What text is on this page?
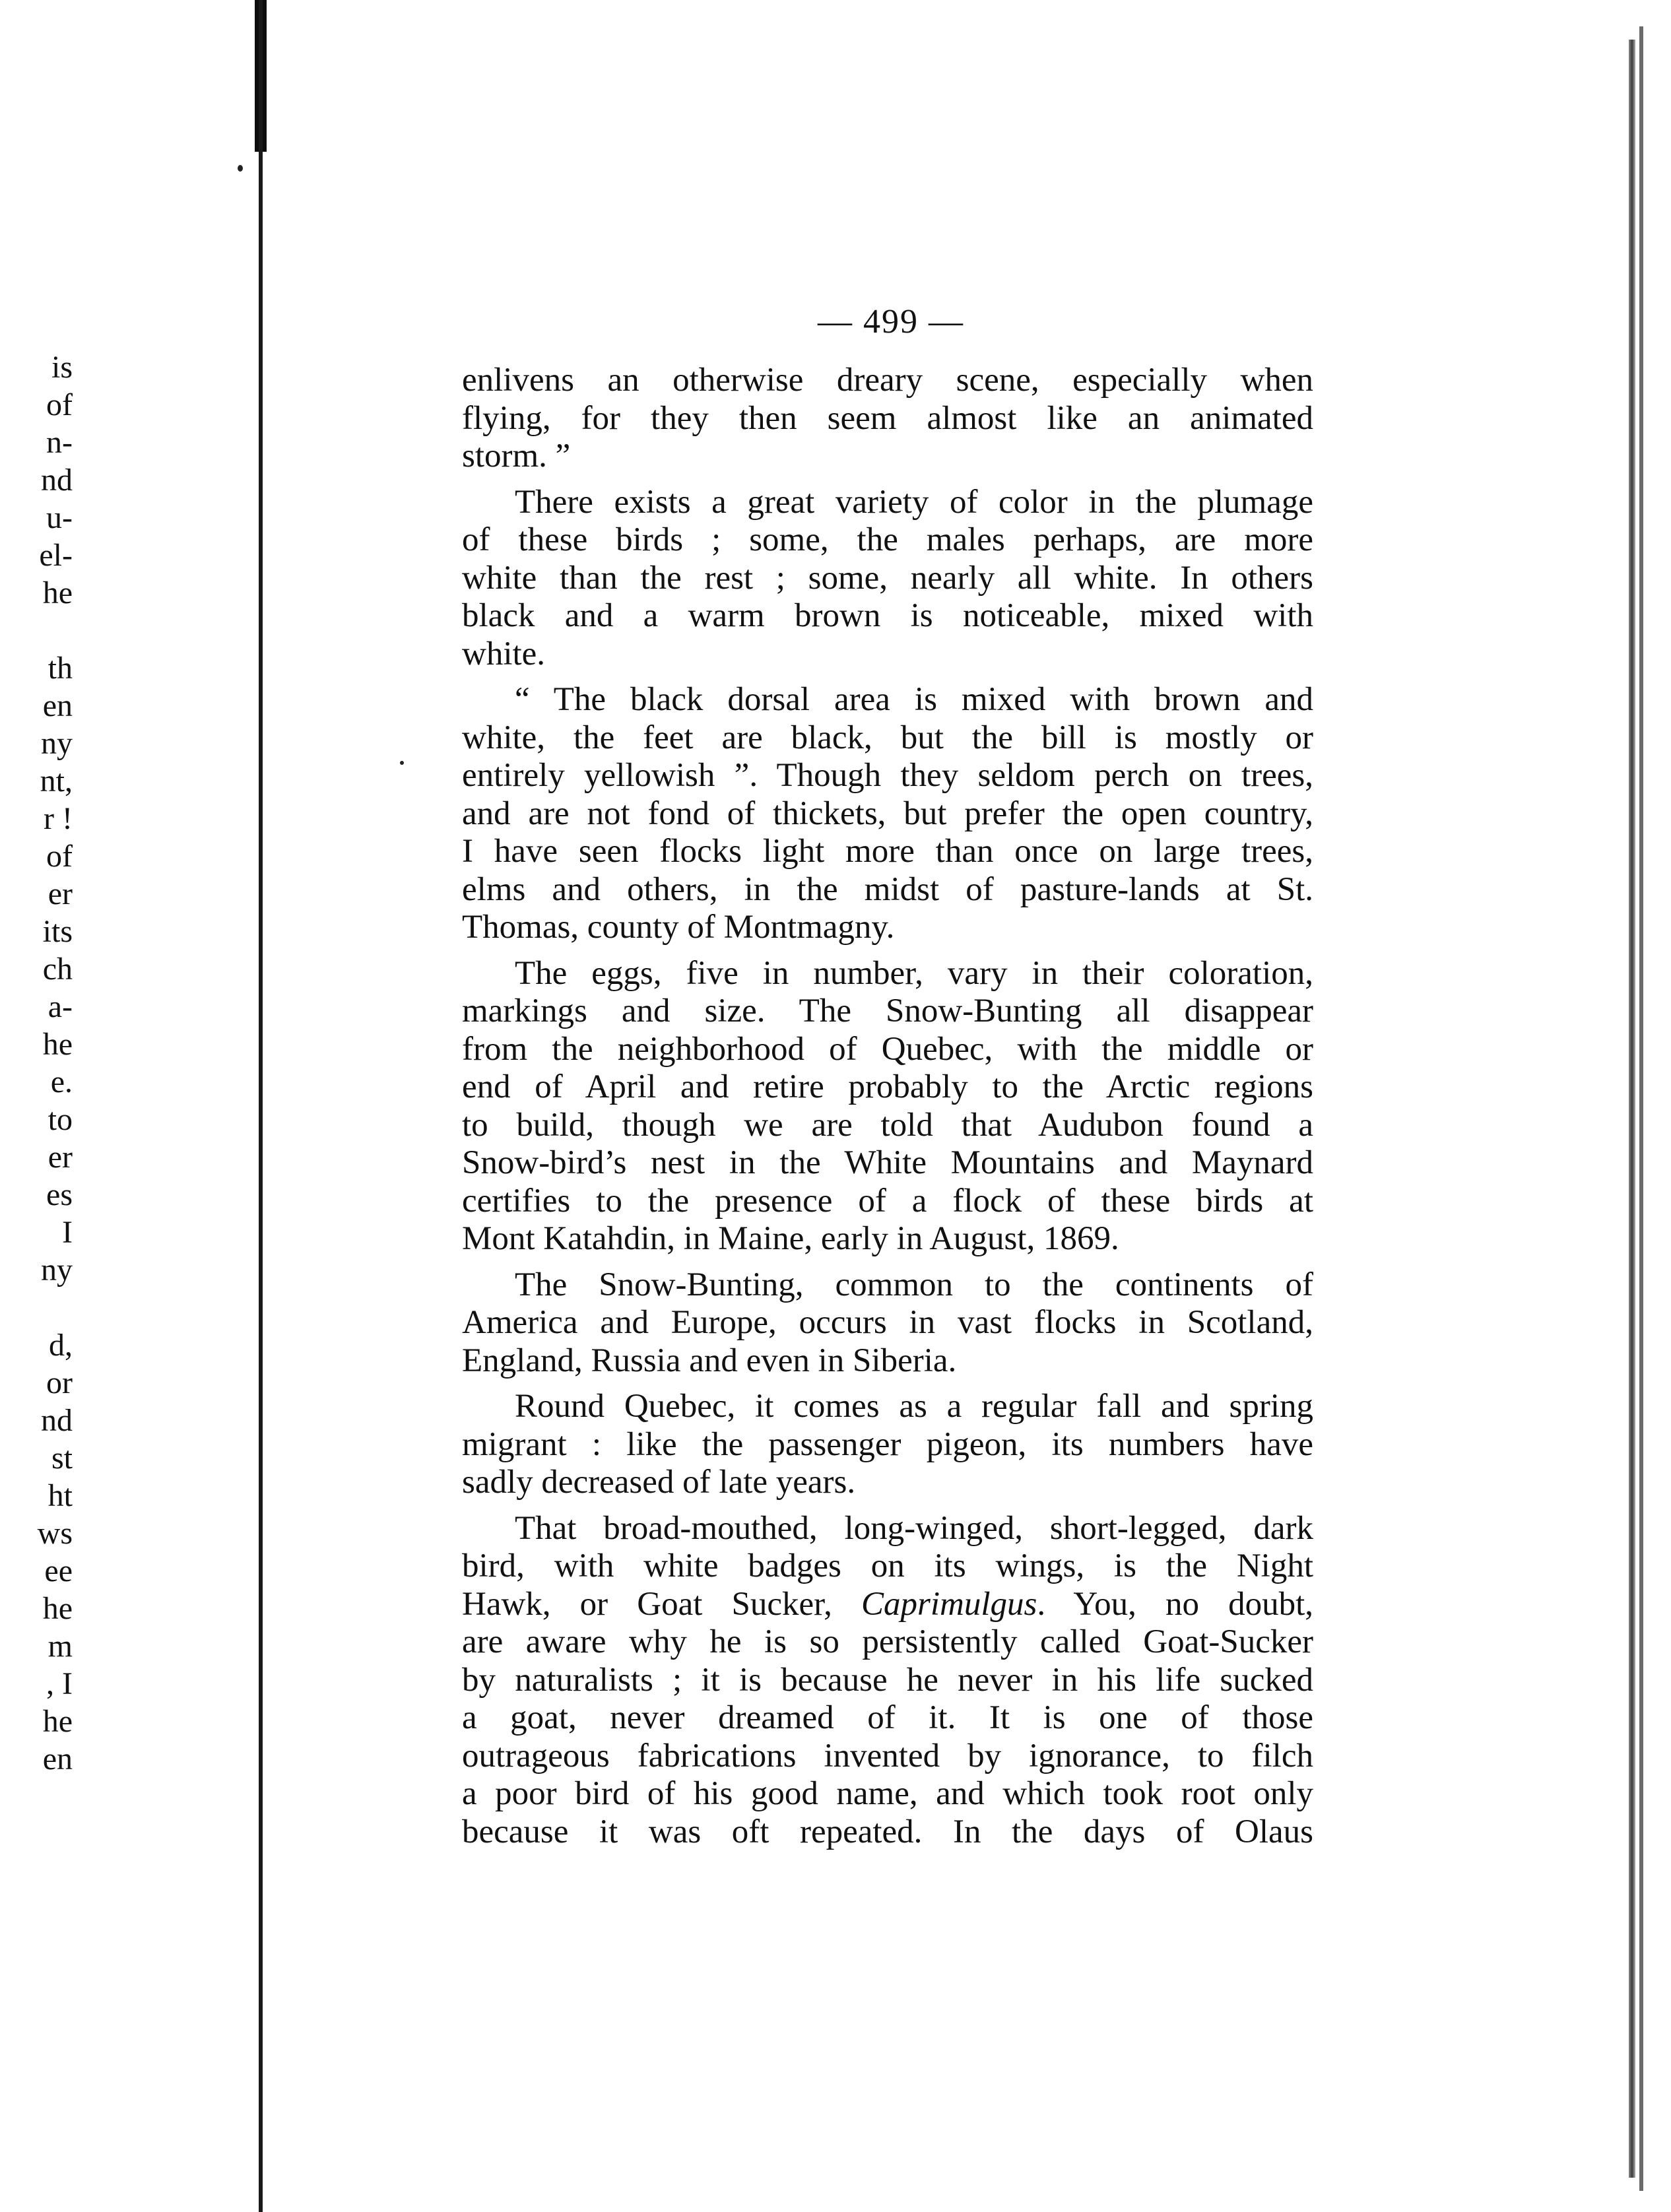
is
of
n-
nd
u-
el-
he
th
en
ny
nt,
r !
of
er
its
ch
a-
he
e.
to
er
es
I
ny
d,
or
nd
st
ht
ws
ee
he
m
, I
he
en
— 499 —
enlivens an otherwise dreary scene, especially when
flying, for they then seem almost like an animated
storm. ”
There exists a great variety of color in the plumage
of these birds ; some, the males perhaps, are more
white than the rest ; some, nearly all white. In others
black and a warm brown is noticeable, mixed with
white.
“ The black dorsal area is mixed with brown and
white, the feet are black, but the bill is mostly or
entirely yellowish ”. Though they seldom perch on trees,
and are not fond of thickets, but prefer the open country,
I have seen flocks light more than once on large trees,
elms and others, in the midst of pasture-lands at St.
Thomas, county of Montmagny.
The eggs, five in number, vary in their coloration,
markings and size. The Snow-Bunting all disappear
from the neighborhood of Quebec, with the middle or
end of April and retire probably to the Arctic regions
to build, though we are told that Audubon found a
Snow-bird’s nest in the White Mountains and Maynard
certifies to the presence of a flock of these birds at
Mont Katahdin, in Maine, early in August, 1869.
The Snow-Bunting, common to the continents of
America and Europe, occurs in vast flocks in Scotland,
England, Russia and even in Siberia.
Round Quebec, it comes as a regular fall and spring
migrant : like the passenger pigeon, its numbers have
sadly decreased of late years.
That broad-mouthed, long-winged, short-legged, dark
bird, with white badges on its wings, is the Night
Hawk, or Goat Sucker, Caprimulgus. You, no doubt,
are aware why he is so persistently called Goat-Sucker
by naturalists ; it is because he never in his life sucked
a goat, never dreamed of it. It is one of those
outrageous fabrications invented by ignorance, to filch
a poor bird of his good name, and which took root only
because it was oft repeated. In the days of Olaus
